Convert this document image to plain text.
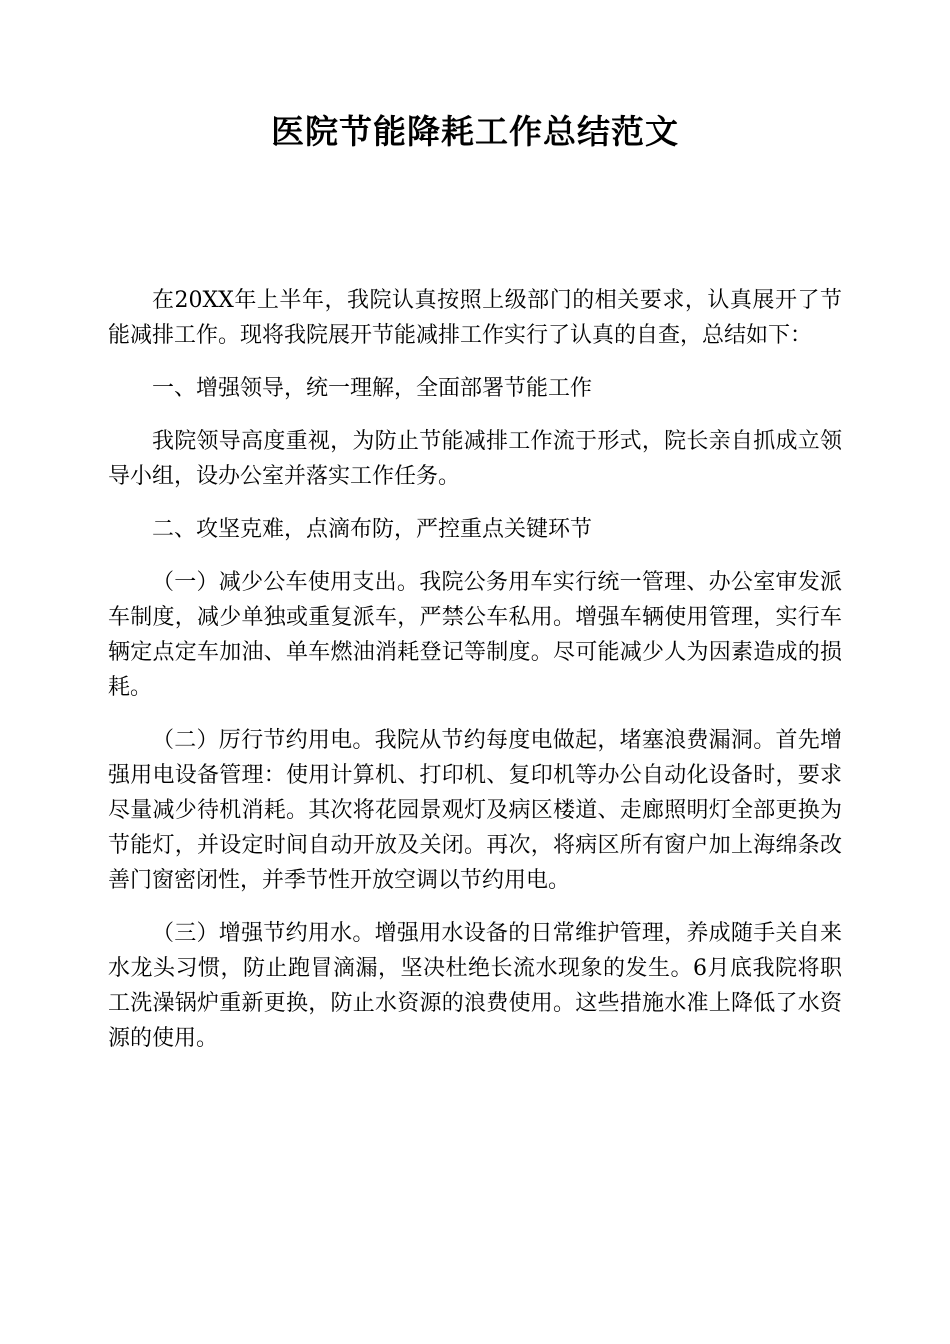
医院节能降耗工作总结范文

在20XX年上半年，我院认真按照上级部门的相关要求，认真展开了节能减排工作。现将我院展开节能减排工作实行了认真的自查，总结如下：

一、增强领导，统一理解，全面部署节能工作

我院领导高度重视，为防止节能减排工作流于形式，院长亲自抓成立领导小组，设办公室并落实工作任务。

二、攻坚克难，点滴布防，严控重点关键环节

（一）减少公车使用支出。我院公务用车实行统一管理、办公室审发派车制度，减少单独或重复派车，严禁公车私用。增强车辆使用管理，实行车辆定点定车加油、单车燃油消耗登记等制度。尽可能减少人为因素造成的损耗。

（二）厉行节约用电。我院从节约每度电做起，堵塞浪费漏洞。首先增强用电设备管理：使用计算机、打印机、复印机等办公自动化设备时，要求尽量减少待机消耗。其次将花园景观灯及病区楼道、走廊照明灯全部更换为节能灯，并设定时间自动开放及关闭。再次，将病区所有窗户加上海绵条改善门窗密闭性，并季节性开放空调以节约用电。

（三）增强节约用水。增强用水设备的日常维护管理，养成随手关自来水龙头习惯，防止跑冒滴漏，坚决杜绝长流水现象的发生。6月底我院将职工洗澡锅炉重新更换，防止水资源的浪费使用。这些措施水准上降低了水资源的使用。
